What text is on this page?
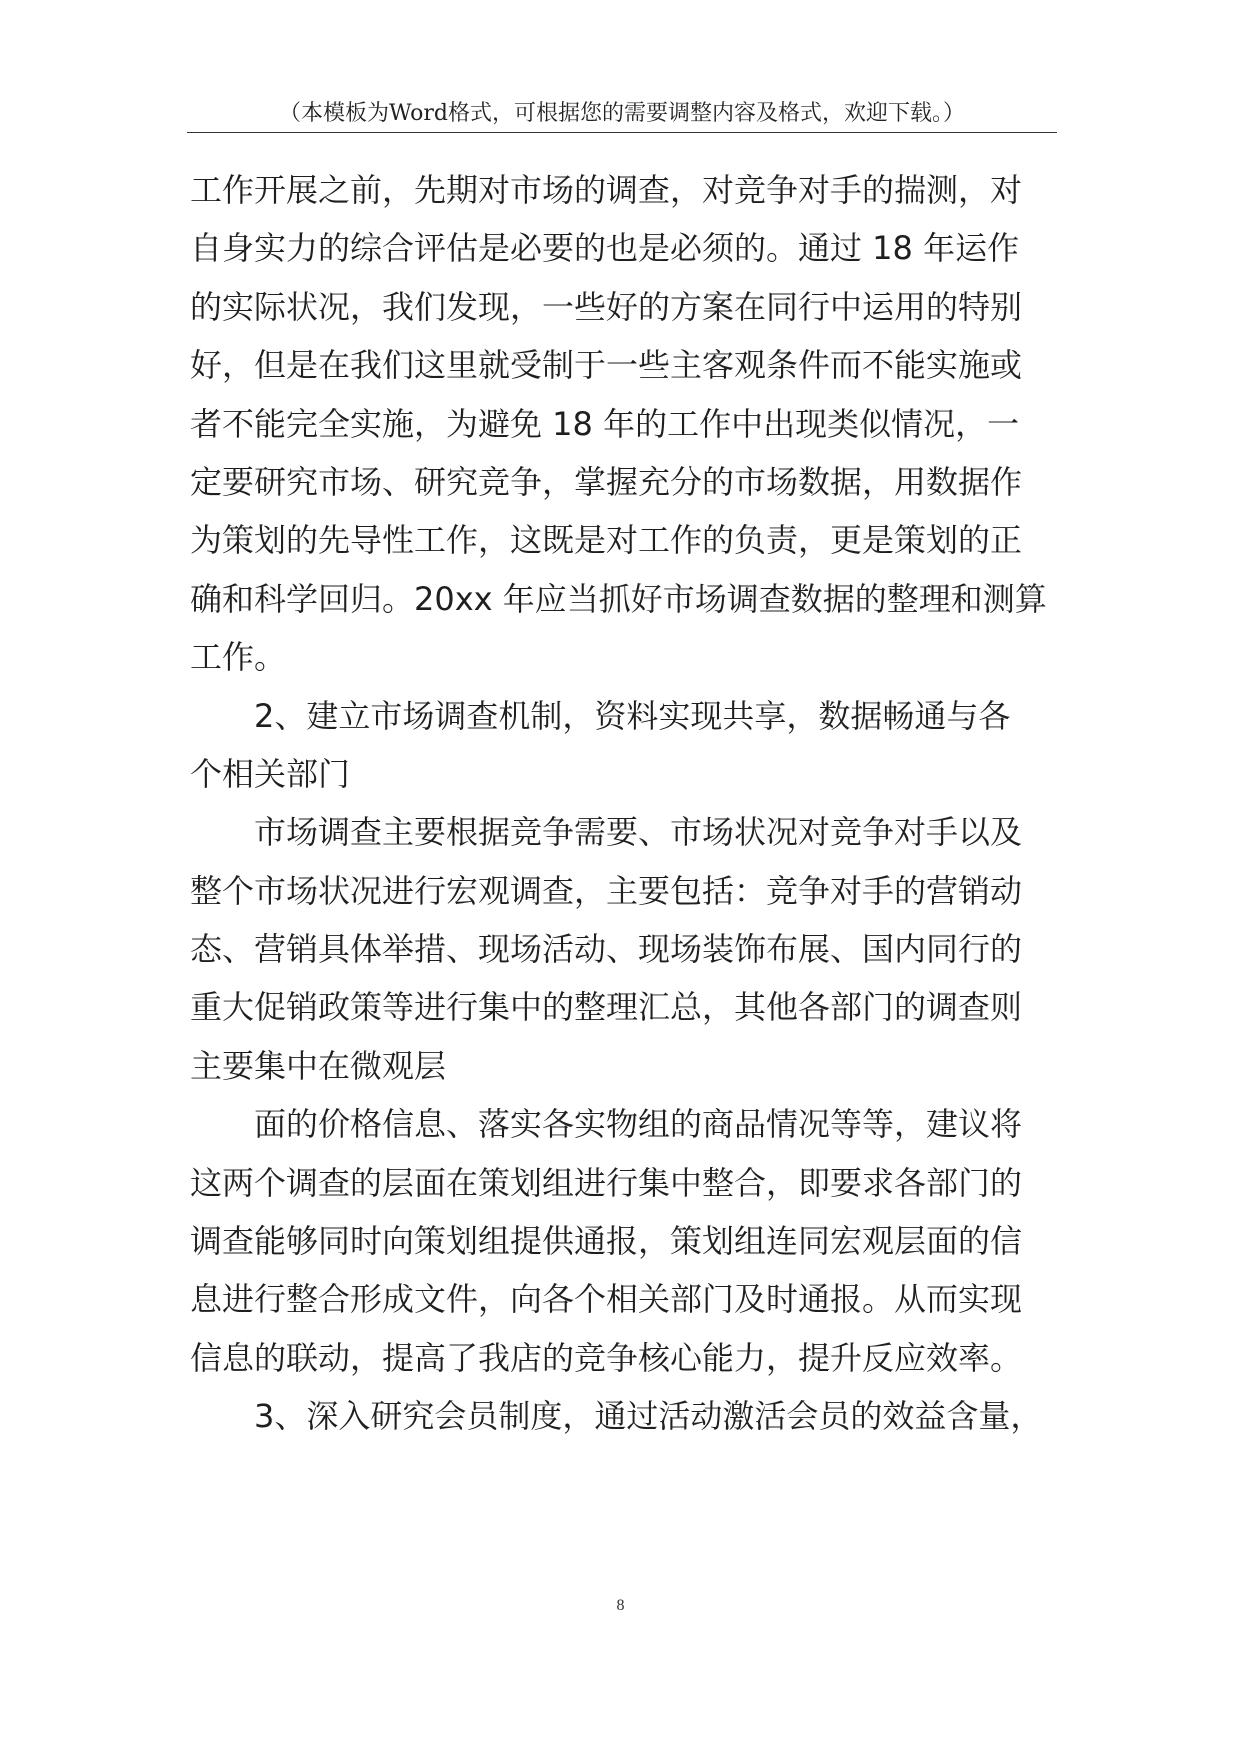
（本模板为Word格式，可根据您的需要调整内容及格式，欢迎下载。）
工作开展之前，先期对市场的调查，对竞争对手的揣测，对
自身实力的综合评估是必要的也是必须的。通过 18 年运作
的实际状况，我们发现，一些好的方案在同行中运用的特别
好，但是在我们这里就受制于一些主客观条件而不能实施或
者不能完全实施，为避免 18 年的工作中出现类似情况，一
定要研究市场、研究竞争，掌握充分的市场数据，用数据作
为策划的先导性工作，这既是对工作的负责，更是策划的正
确和科学回归。20xx 年应当抓好市场调查数据的整理和测算
工作。
2、建立市场调查机制，资料实现共享，数据畅通与各
个相关部门
市场调查主要根据竞争需要、市场状况对竞争对手以及
整个市场状况进行宏观调查，主要包括：竞争对手的营销动
态、营销具体举措、现场活动、现场装饰布展、国内同行的
重大促销政策等进行集中的整理汇总，其他各部门的调查则
主要集中在微观层
面的价格信息、落实各实物组的商品情况等等，建议将
这两个调查的层面在策划组进行集中整合，即要求各部门的
调查能够同时向策划组提供通报，策划组连同宏观层面的信
息进行整合形成文件，向各个相关部门及时通报。从而实现
信息的联动，提高了我店的竞争核心能力，提升反应效率。
3、深入研究会员制度，通过活动激活会员的效益含量，
8
